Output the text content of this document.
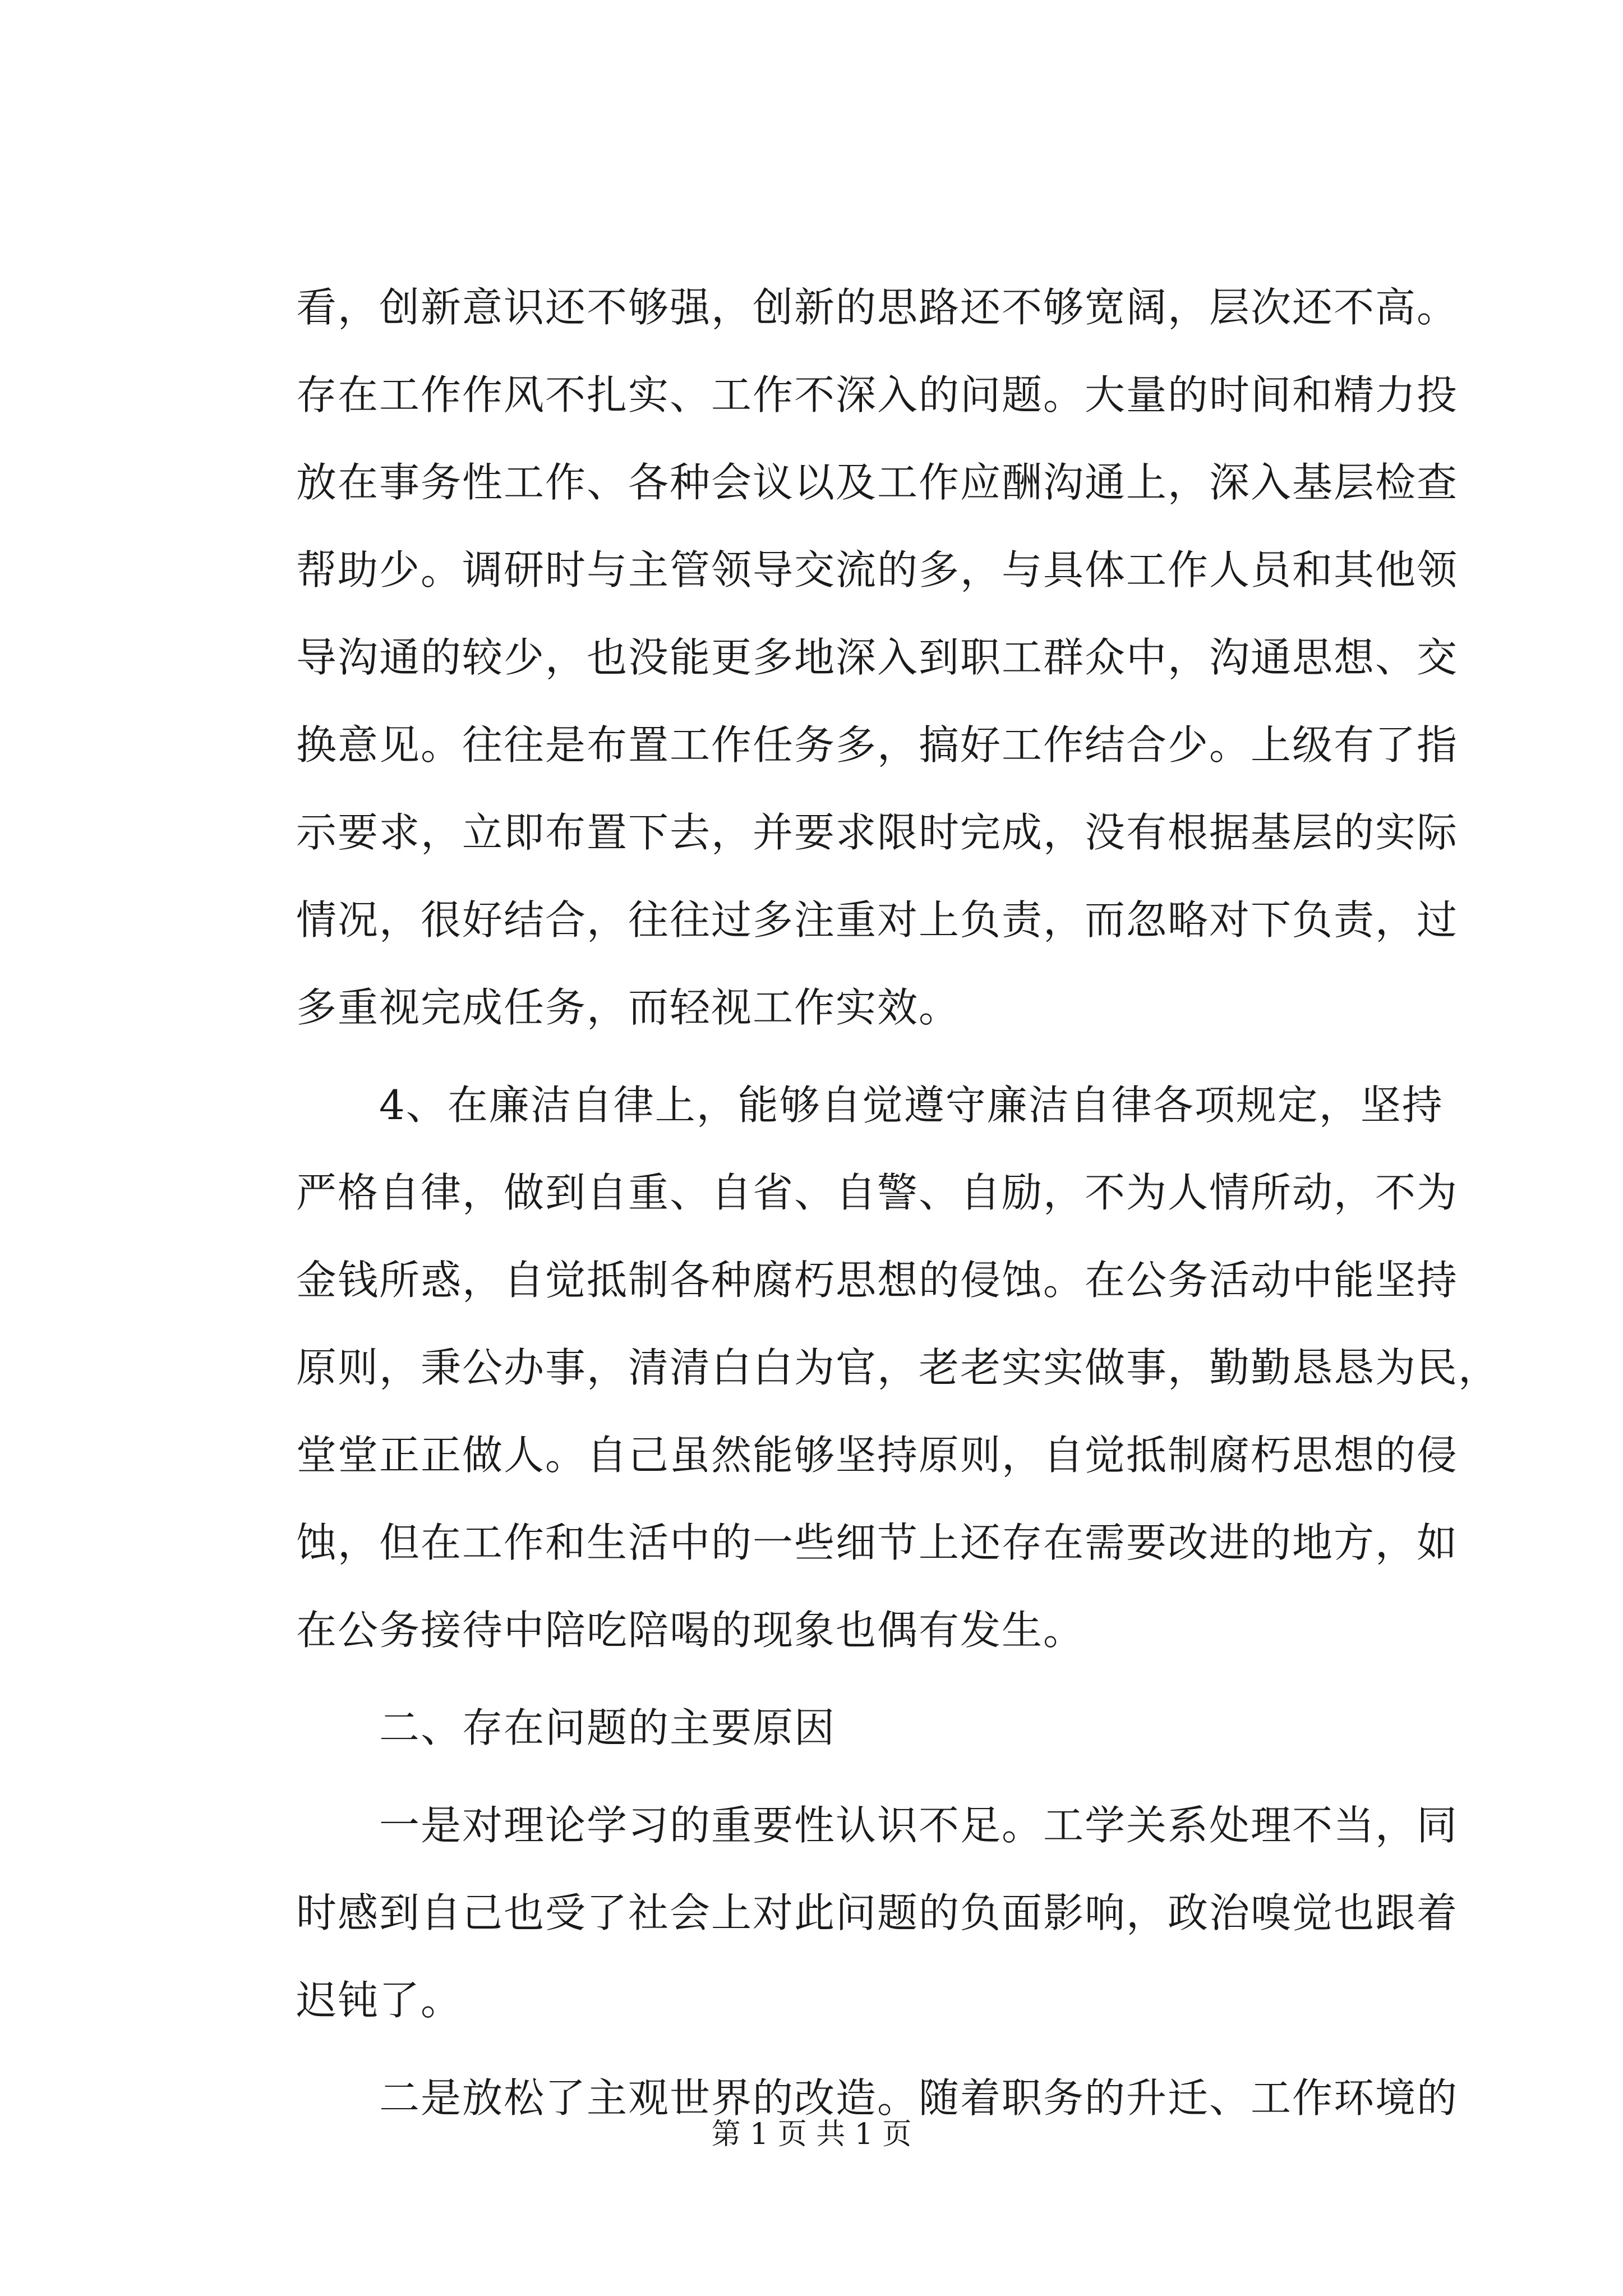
看，创新意识还不够强，创新的思路还不够宽阔，层次还不高。
存在工作作风不扎实、工作不深入的问题。大量的时间和精力投
放在事务性工作、各种会议以及工作应酬沟通上，深入基层检查
帮助少。调研时与主管领导交流的多，与具体工作人员和其他领
导沟通的较少，也没能更多地深入到职工群众中，沟通思想、交
换意见。往往是布置工作任务多，搞好工作结合少。上级有了指
示要求，立即布置下去，并要求限时完成，没有根据基层的实际
情况，很好结合，往往过多注重对上负责，而忽略对下负责，过
多重视完成任务，而轻视工作实效。
4、在廉洁自律上，能够自觉遵守廉洁自律各项规定，坚持
严格自律，做到自重、自省、自警、自励，不为人情所动，不为
金钱所惑，自觉抵制各种腐朽思想的侵蚀。在公务活动中能坚持
原则，秉公办事，清清白白为官，老老实实做事，勤勤恳恳为民，
堂堂正正做人。自己虽然能够坚持原则，自觉抵制腐朽思想的侵
蚀，但在工作和生活中的一些细节上还存在需要改进的地方，如
在公务接待中陪吃陪喝的现象也偶有发生。
二、存在问题的主要原因
一是对理论学习的重要性认识不足。工学关系处理不当，同
时感到自己也受了社会上对此问题的负面影响，政治嗅觉也跟着
迟钝了。
二是放松了主观世界的改造。随着职务的升迁、工作环境的
第 1 页 共 1 页
